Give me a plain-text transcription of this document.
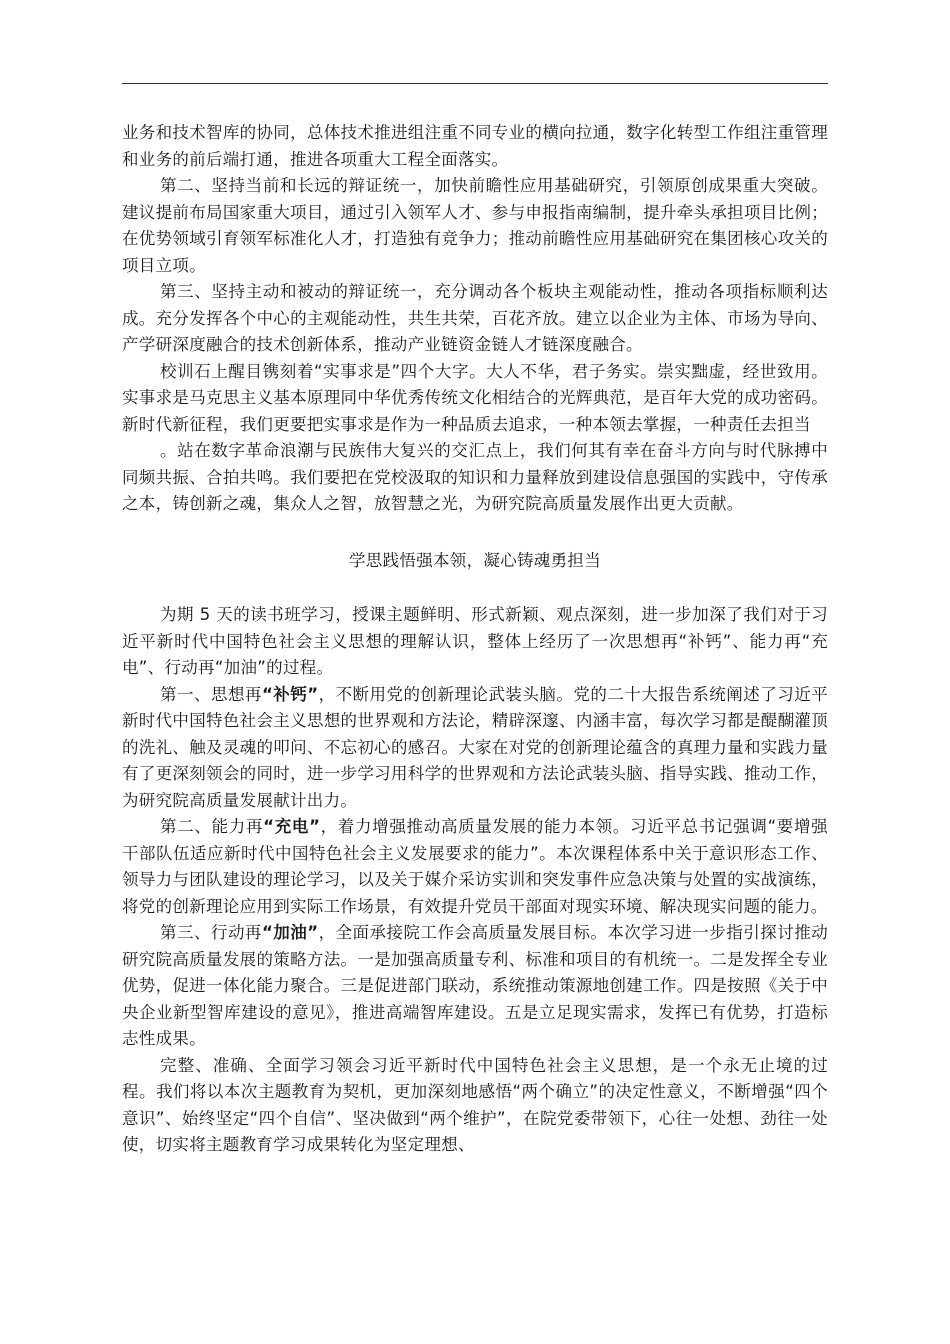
业务和技术智库的协同，总体技术推进组注重不同专业的横向拉通，数字化转型工作组注重管理和业务的前后端打通，推进各项重大工程全面落实。

第二、坚持当前和长远的辩证统一，加快前瞻性应用基础研究，引领原创成果重大突破。建议提前布局国家重大项目，通过引入领军人才、参与申报指南编制，提升牵头承担项目比例；在优势领域引育领军标准化人才，打造独有竞争力；推动前瞻性应用基础研究在集团核心攻关的项目立项。

第三、坚持主动和被动的辩证统一，充分调动各个板块主观能动性，推动各项指标顺利达成。充分发挥各个中心的主观能动性，共生共荣，百花齐放。建立以企业为主体、市场为导向、产学研深度融合的技术创新体系，推动产业链资金链人才链深度融合。

校训石上醒目镌刻着“实事求是”四个大字。大人不华，君子务实。崇实黜虚，经世致用。实事求是马克思主义基本原理同中华优秀传统文化相结合的光辉典范，是百年大党的成功密码。新时代新征程，我们更要把实事求是作为一种品质去追求，一种本领去掌握，一种责任去担当

。站在数字革命浪潮与民族伟大复兴的交汇点上，我们何其有幸在奋斗方向与时代脉搏中同频共振、合拍共鸣。我们要把在党校汲取的知识和力量释放到建设信息强国的实践中，守传承之本，铸创新之魂，集众人之智，放智慧之光，为研究院高质量发展作出更大贡献。

学思践悟强本领，凝心铸魂勇担当

为期 5 天的读书班学习，授课主题鲜明、形式新颖、观点深刻，进一步加深了我们对于习近平新时代中国特色社会主义思想的理解认识，整体上经历了一次思想再“补钙”、能力再“充电”、行动再“加油”的过程。

第一、思想再“补钙”，不断用党的创新理论武装头脑。党的二十大报告系统阐述了习近平新时代中国特色社会主义思想的世界观和方法论，精辟深邃、内涵丰富，每次学习都是醍醐灌顶的洗礼、触及灵魂的叩问、不忘初心的感召。大家在对党的创新理论蕴含的真理力量和实践力量有了更深刻领会的同时，进一步学习用科学的世界观和方法论武装头脑、指导实践、推动工作，为研究院高质量发展献计出力。

第二、能力再“充电”，着力增强推动高质量发展的能力本领。习近平总书记强调“要增强干部队伍适应新时代中国特色社会主义发展要求的能力”。本次课程体系中关于意识形态工作、领导力与团队建设的理论学习，以及关于媒介采访实训和突发事件应急决策与处置的实战演练，将党的创新理论应用到实际工作场景，有效提升党员干部面对现实环境、解决现实问题的能力。

第三、行动再“加油”，全面承接院工作会高质量发展目标。本次学习进一步指引探讨推动研究院高质量发展的策略方法。一是加强高质量专利、标准和项目的有机统一。二是发挥全专业优势，促进一体化能力聚合。三是促进部门联动，系统推动策源地创建工作。四是按照《关于中央企业新型智库建设的意见》，推进高端智库建设。五是立足现实需求，发挥已有优势，打造标志性成果。

完整、准确、全面学习领会习近平新时代中国特色社会主义思想，是一个永无止境的过程。我们将以本次主题教育为契机，更加深刻地感悟“两个确立”的决定性意义，不断增强“四个意识”、始终坚定“四个自信”、坚决做到“两个维护”，在院党委带领下，心往一处想、劲往一处使，切实将主题教育学习成果转化为坚定理想、
